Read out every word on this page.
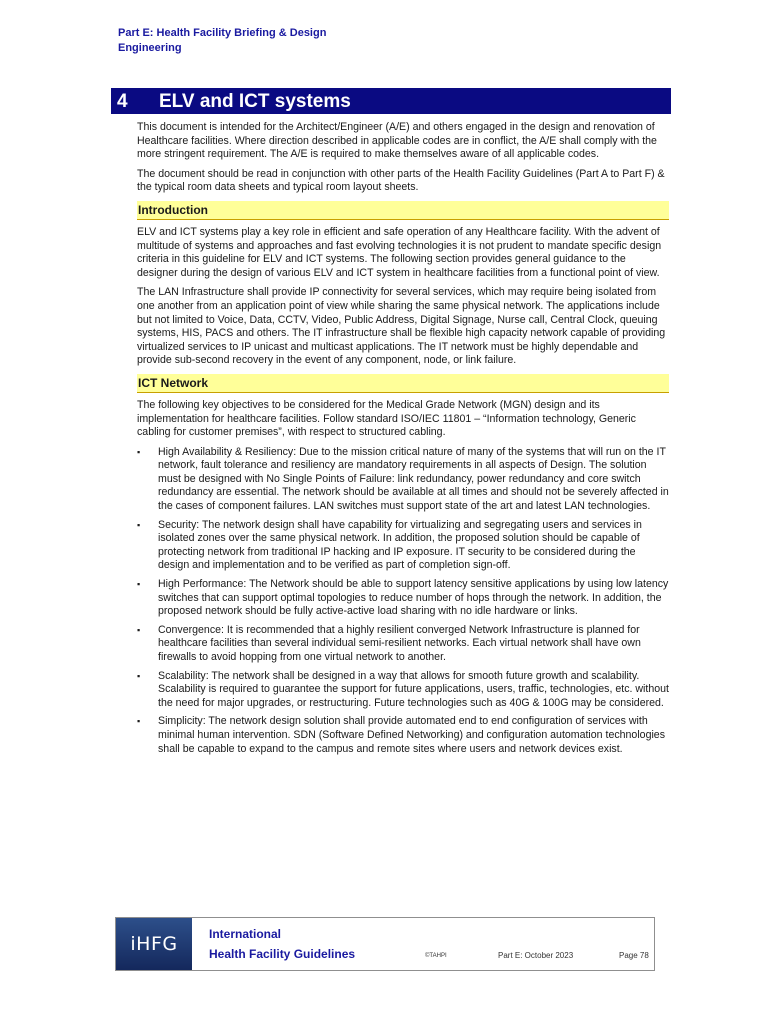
Part E: Health Facility Briefing & Design
Engineering
4 ELV and ICT systems

This document is intended for the Architect/Engineer (A/E) and others engaged in the design and renovation of Healthcare facilities. Where direction described in applicable codes are in conflict, the A/E shall comply with the more stringent requirement. The A/E is required to make themselves aware of all applicable codes.

The document should be read in conjunction with other parts of the Health Facility Guidelines (Part A to Part F) & the typical room data sheets and typical room layout sheets.

Introduction

ELV and ICT systems play a key role in efficient and safe operation of any Healthcare facility. With the advent of multitude of systems and approaches and fast evolving technologies it is not prudent to mandate specific design criteria in this guideline for ELV and ICT systems. The following section provides general guidance to the designer during the design of various ELV and ICT system in healthcare facilities from a functional point of view.

The LAN Infrastructure shall provide IP connectivity for several services, which may require being isolated from one another from an application point of view while sharing the same physical network. The applications include but not limited to Voice, Data, CCTV, Video, Public Address, Digital Signage, Nurse call, Central Clock, queuing systems, HIS, PACS and others. The IT infrastructure shall be flexible high capacity network capable of providing virtualized services to IP unicast and multicast applications. The IT network must be highly dependable and provide sub-second recovery in the event of any component, node, or link failure.

ICT Network

The following key objectives to be considered for the Medical Grade Network (MGN) design and its implementation for healthcare facilities. Follow standard ISO/IEC 11801 – “Information technology, Generic cabling for customer premises”, with respect to structured cabling.

▪ High Availability & Resiliency: Due to the mission critical nature of many of the systems that will run on the IT network, fault tolerance and resiliency are mandatory requirements in all aspects of Design. The solution must be designed with No Single Points of Failure: link redundancy, power redundancy and core switch redundancy are essential. The network should be available at all times and should not be severely affected in the cases of component failures. LAN switches must support state of the art and latest LAN technologies.
▪ Security: The network design shall have capability for virtualizing and segregating users and services in isolated zones over the same physical network. In addition, the proposed solution should be capable of protecting network from traditional IP hacking and IP exposure. IT security to be considered during the design and implementation and to be verified as part of completion sign-off.
▪ High Performance: The Network should be able to support latency sensitive applications by using low latency switches that can support optimal topologies to reduce number of hops through the network. In addition, the proposed network should be fully active-active load sharing with no idle hardware or links.
▪ Convergence: It is recommended that a highly resilient converged Network Infrastructure is planned for healthcare facilities than several individual semi-resilient networks. Each virtual network shall have own firewalls to avoid hopping from one virtual network to another.
▪ Scalability: The network shall be designed in a way that allows for smooth future growth and scalability. Scalability is required to guarantee the support for future applications, users, traffic, technologies, etc. without the need for major upgrades, or restructuring. Future technologies such as 40G & 100G may be considered.
▪ Simplicity: The network design solution shall provide automated end to end configuration of services with minimal human intervention. SDN (Software Defined Networking) and configuration automation technologies shall be capable to expand to the campus and remote sites where users and network devices exist.
iHFG	International
Health Facility Guidelines	©TAHPI	Part E: October 2023	Page 78
